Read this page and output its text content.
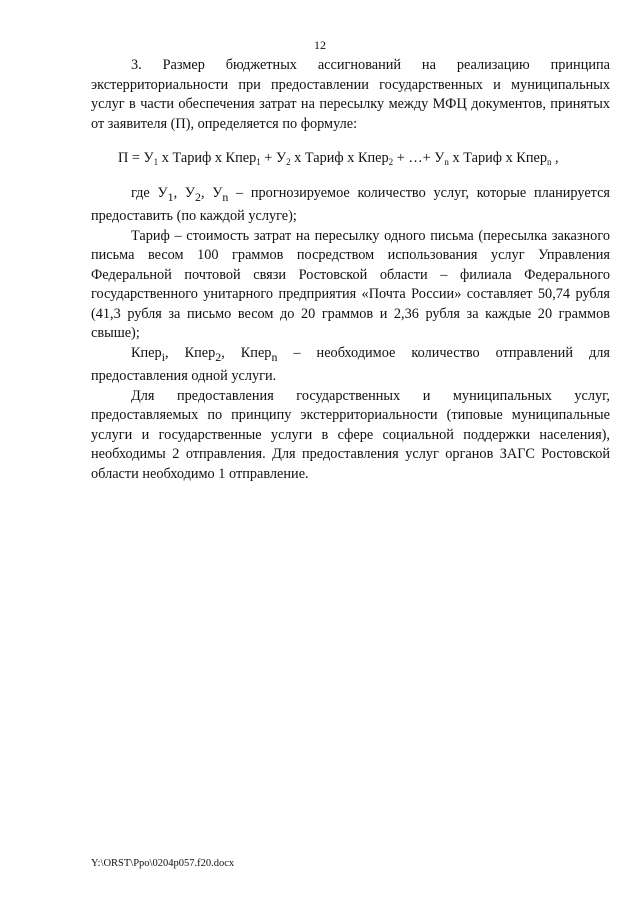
12

3. Размер бюджетных ассигнований на реализацию принципа экстерриториальности при предоставлении государственных и муниципальных услуг в части обеспечения затрат на пересылку между МФЦ документов, принятых от заявителя (П), определяется по формуле:

$П = У_1$ x Тариф x Кпер$_1$ + $У_2$ x Тариф x Кпер$_2$ + …+ $У_n$ x Тариф x Кпер$_n$ ,

где $У_1$, $У_2$, $У_n$ – прогнозируемое количество услуг, которые планируется предоставить (по каждой услуге);

Тариф – стоимость затрат на пересылку одного письма (пересылка заказного письма весом 100 граммов посредством использования услуг Управления Федеральной почтовой связи Ростовской области – филиала Федерального государственного унитарного предприятия «Почта России» составляет 50,74 рубля (41,3 рубля за письмо весом до 20 граммов и 2,36 рубля за каждые 20 граммов свыше);

Кпер$_i$, Кпер$_2$, Кпер$_n$ – необходимое количество отправлений для предоставления одной услуги.

Для предоставления государственных и муниципальных услуг, предоставляемых по принципу экстерриториальности (типовые муниципальные услуги и государственные услуги в сфере социальной поддержки населения), необходимы 2 отправления. Для предоставления услуг органов ЗАГС Ростовской области необходимо 1 отправление.

Y:\ORST\Ppo\0204p057.f20.docx
